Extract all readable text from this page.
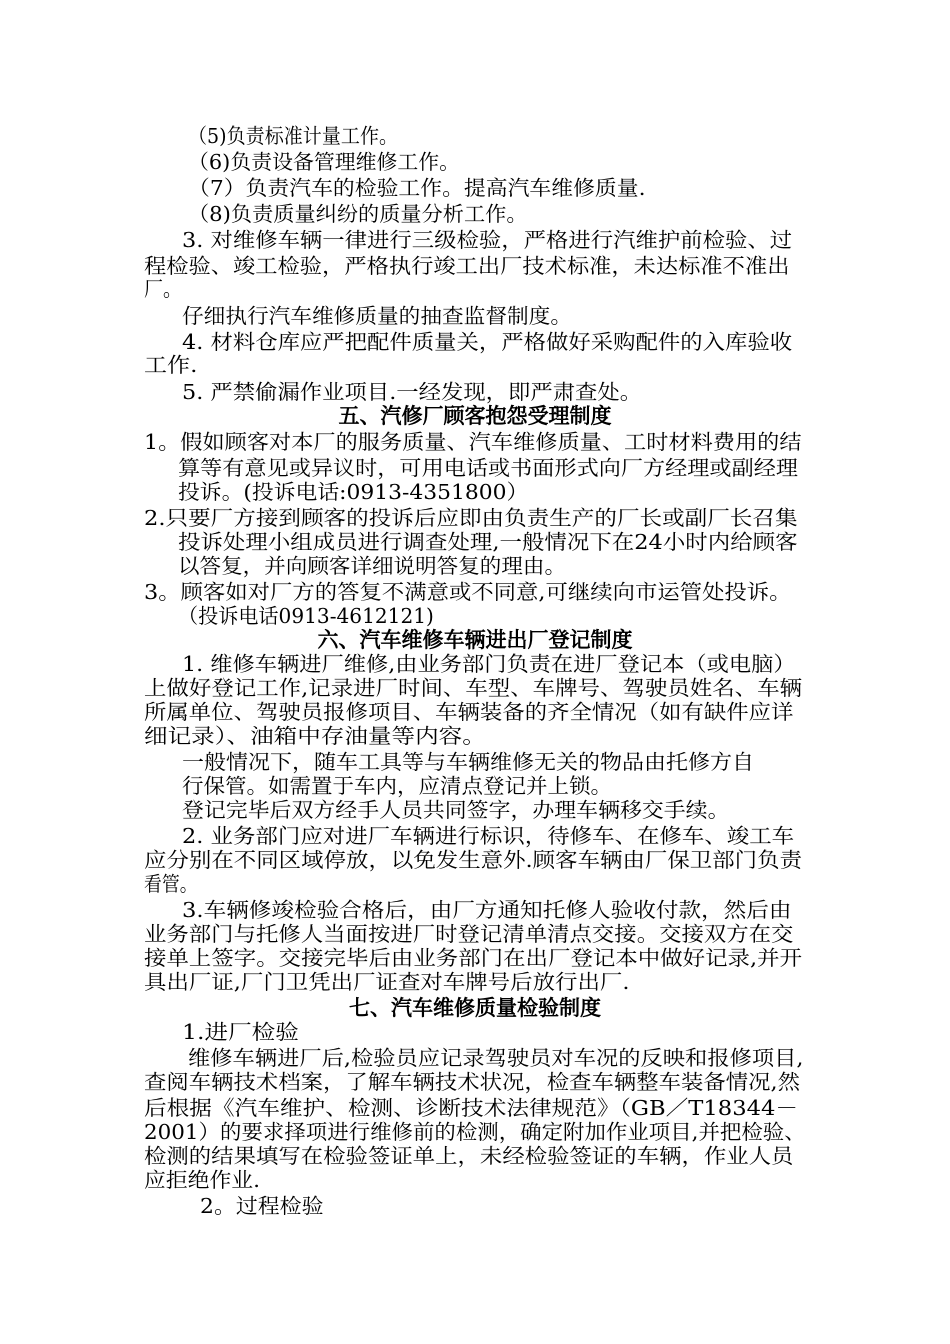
（5)负责标准计量工作。
（6)负责设备管理维修工作。
（7）负责汽车的检验工作。提高汽车维修质量.
（8)负责质量纠纷的质量分析工作。
3. 对维修车辆一律进行三级检验，严格进行汽维护前检验、过
程检验、竣工检验，严格执行竣工出厂技术标准，未达标准不准出
厂。
仔细执行汽车维修质量的抽查监督制度。
4. 材料仓库应严把配件质量关，严格做好采购配件的入库验收
工作.
5. 严禁偷漏作业项目.一经发现，即严肃查处。
五、汽修厂顾客抱怨受理制度
1。假如顾客对本厂的服务质量、汽车维修质量、工时材料费用的结
算等有意见或异议时，可用电话或书面形式向厂方经理或副经理
投诉。(投诉电话:0913-4351800）
2.只要厂方接到顾客的投诉后应即由负责生产的厂长或副厂长召集
投诉处理小组成员进行调查处理,一般情况下在24小时内给顾客
以答复，并向顾客详细说明答复的理由。
3。顾客如对厂方的答复不满意或不同意,可继续向市运管处投诉。
（投诉电话0913-4612121)
六、汽车维修车辆进出厂登记制度
1. 维修车辆进厂维修,由业务部门负责在进厂登记本（或电脑）
上做好登记工作,记录进厂时间、车型、车牌号、驾驶员姓名、车辆
所属单位、驾驶员报修项目、车辆装备的齐全情况（如有缺件应详
细记录）、油箱中存油量等内容。
一般情况下，随车工具等与车辆维修无关的物品由托修方自
行保管。如需置于车内，应清点登记并上锁。
登记完毕后双方经手人员共同签字，办理车辆移交手续。
2. 业务部门应对进厂车辆进行标识，待修车、在修车、竣工车
应分别在不同区域停放，以免发生意外.顾客车辆由厂保卫部门负责
看管。
3.车辆修竣检验合格后，由厂方通知托修人验收付款，然后由
业务部门与托修人当面按进厂时登记清单清点交接。交接双方在交
接单上签字。交接完毕后由业务部门在出厂登记本中做好记录,并开
具出厂证,厂门卫凭出厂证查对车牌号后放行出厂.
七、汽车维修质量检验制度
1.进厂检验
维修车辆进厂后,检验员应记录驾驶员对车况的反映和报修项目,
查阅车辆技术档案，了解车辆技术状况，检查车辆整车装备情况,然
后根据《汽车维护、检测、诊断技术法律规范》（GB／T18344－
2001）的要求择项进行维修前的检测，确定附加作业项目,并把检验、
检测的结果填写在检验签证单上，未经检验签证的车辆，作业人员
应拒绝作业.
2。过程检验
